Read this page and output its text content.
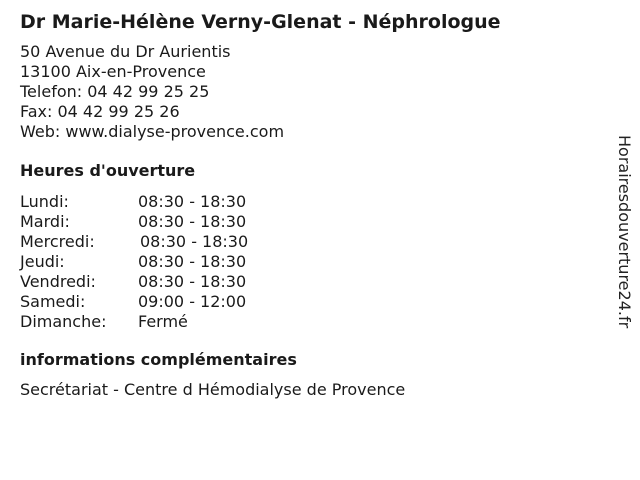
Dr Marie-Hélène Verny-Glenat - Néphrologue
50 Avenue du Dr Aurientis
13100 Aix-en-Provence
Telefon: 04 42 99 25 25
Fax: 04 42 99 25 26
Web: www.dialyse-provence.com
Heures d'ouverture
Lundi:	08:30 - 18:30
Mardi:	08:30 - 18:30
Mercredi:	08:30 - 18:30
Jeudi:	08:30 - 18:30
Vendredi:	08:30 - 18:30
Samedi:	09:00 - 12:00
Dimanche:	Fermé
informations complémentaires
Secrétariat - Centre d Hémodialyse de Provence
Horairesdouverture24.fr
